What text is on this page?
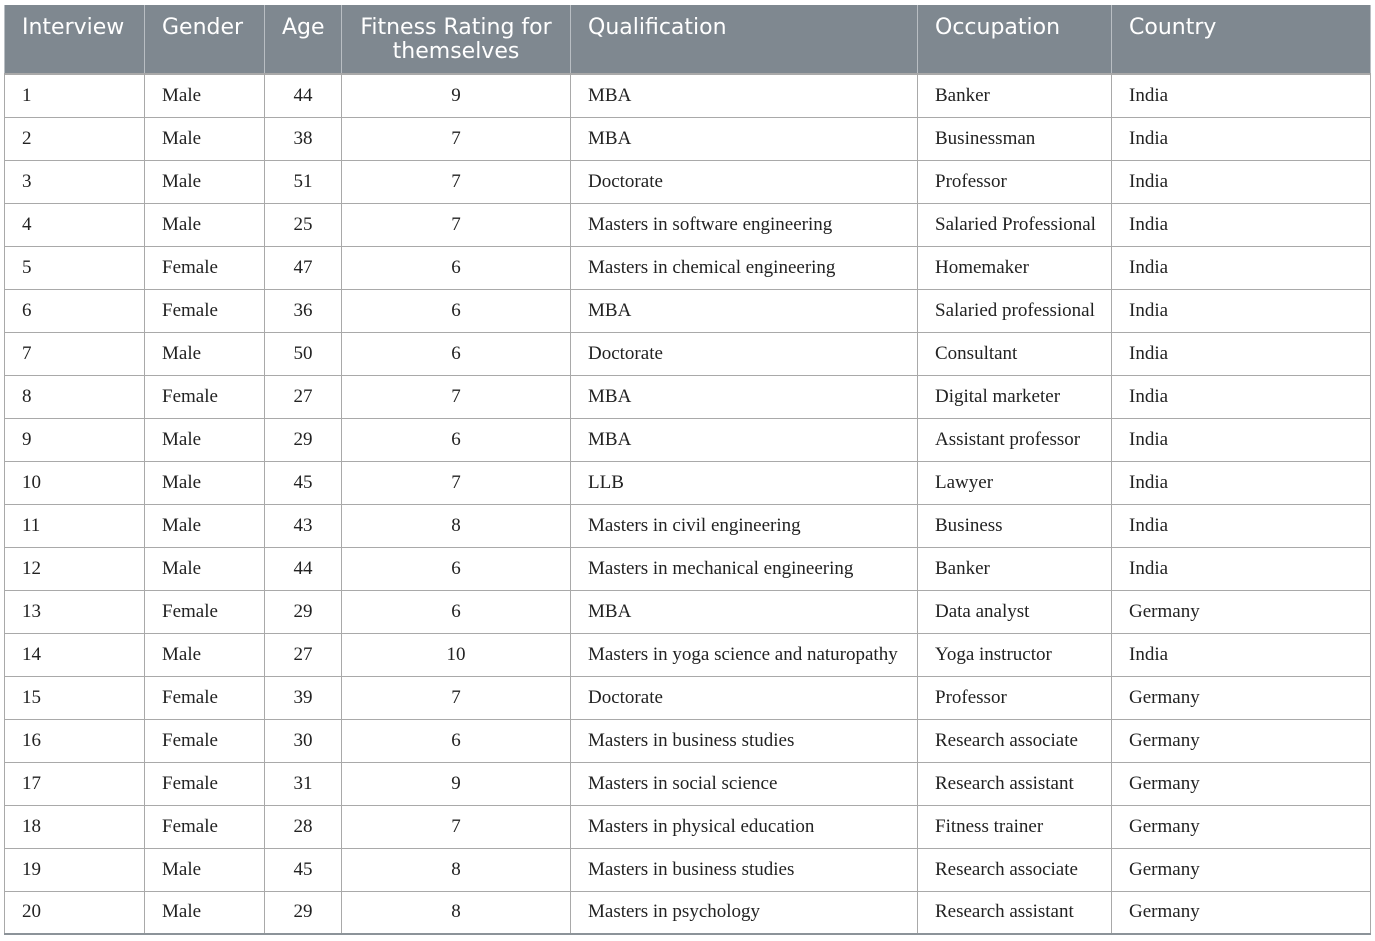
Interview	Gender	Age	Fitness Rating for themselves	Qualification	Occupation	Country

1	Male	44	9	MBA	Banker	India
2	Male	38	7	MBA	Businessman	India
3	Male	51	7	Doctorate	Professor	India
4	Male	25	7	Masters in software engineering	Salaried Professional	India
5	Female	47	6	Masters in chemical engineering	Homemaker	India
6	Female	36	6	MBA	Salaried professional	India
7	Male	50	6	Doctorate	Consultant	India
8	Female	27	7	MBA	Digital marketer	India
9	Male	29	6	MBA	Assistant professor	India
10	Male	45	7	LLB	Lawyer	India
11	Male	43	8	Masters in civil engineering	Business	India
12	Male	44	6	Masters in mechanical engineering	Banker	India
13	Female	29	6	MBA	Data analyst	Germany
14	Male	27	10	Masters in yoga science and naturopathy	Yoga instructor	India
15	Female	39	7	Doctorate	Professor	Germany
16	Female	30	6	Masters in business studies	Research associate	Germany
17	Female	31	9	Masters in social science	Research assistant	Germany
18	Female	28	7	Masters in physical education	Fitness trainer	Germany
19	Male	45	8	Masters in business studies	Research associate	Germany
20	Male	29	8	Masters in psychology	Research assistant	Germany
